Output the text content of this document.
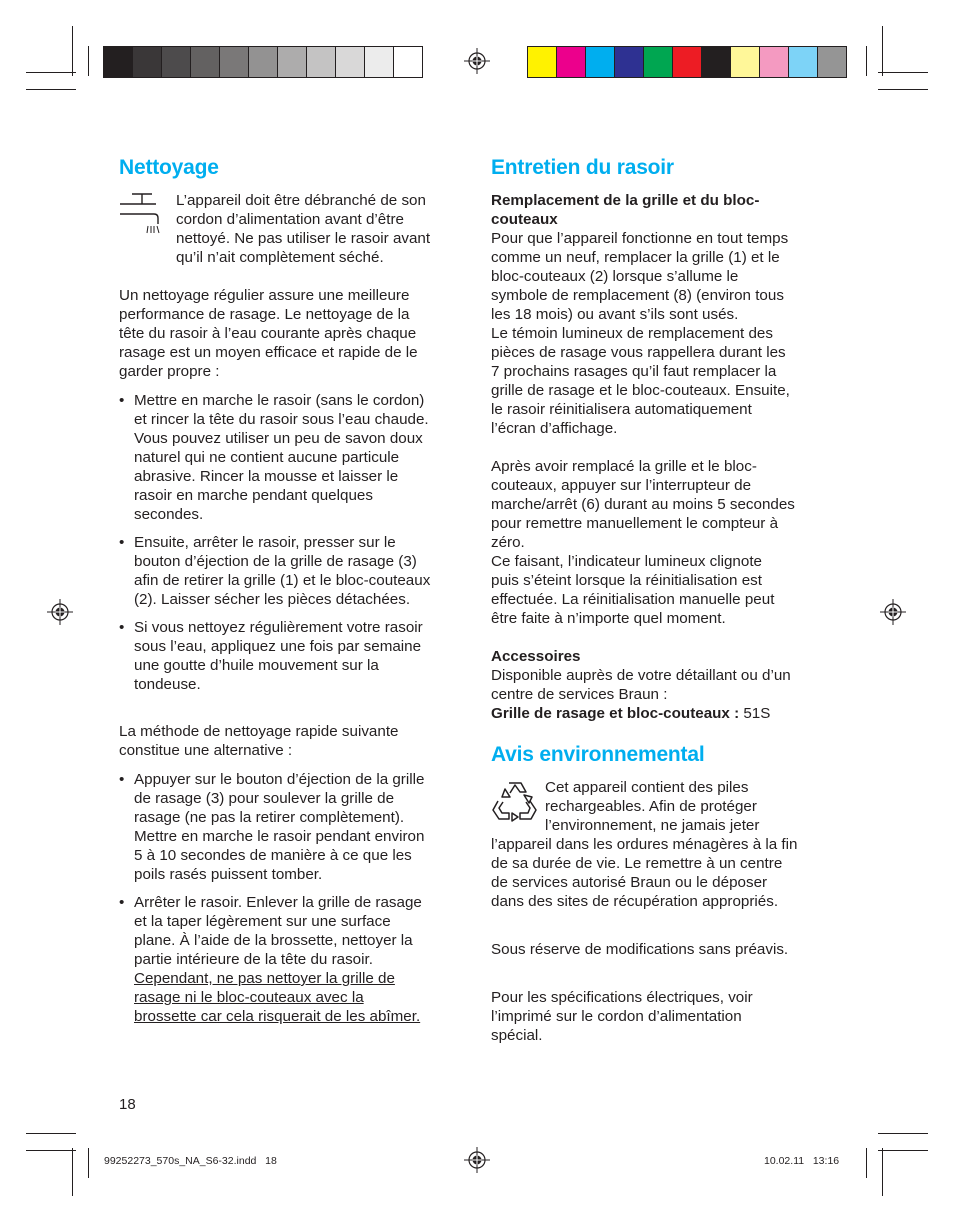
Nettoyage
L’appareil doit être débranché de son
cordon d’alimentation avant d’être
nettoyé. Ne pas utiliser le rasoir avant
qu’il n’ait complètement séché.

Un nettoyage régulier assure une meilleure
performance de rasage. Le nettoyage de la
tête du rasoir à l’eau courante après chaque
rasage est un moyen efficace et rapide de le
garder propre :

• Mettre en marche le rasoir (sans le cordon)
et rincer la tête du rasoir sous l’eau chaude.
Vous pouvez utiliser un peu de savon doux
naturel qui ne contient aucune particule
abrasive. Rincer la mousse et laisser le
rasoir en marche pendant quelques
secondes.
• Ensuite, arrêter le rasoir, presser sur le
bouton d’éjection de la grille de rasage (3)
afin de retirer la grille (1) et le bloc-couteaux
(2). Laisser sécher les pièces détachées.
• Si vous nettoyez régulièrement votre rasoir
sous l’eau, appliquez une fois par semaine
une goutte d’huile mouvement sur la
tondeuse.

La méthode de nettoyage rapide suivante
constitue une alternative :

• Appuyer sur le bouton d’éjection de la grille
de rasage (3) pour soulever la grille de
rasage (ne pas la retirer complètement).
Mettre en marche le rasoir pendant environ
5 à 10 secondes de manière à ce que les
poils rasés puissent tomber.
• Arrêter le rasoir. Enlever la grille de rasage
et la taper légèrement sur une surface
plane. À l’aide de la brossette, nettoyer la
partie intérieure de la tête du rasoir.
Cependant, ne pas nettoyer la grille de
rasage ni le bloc-couteaux avec la
brossette car cela risquerait de les abîmer.
Entretien du rasoir

Remplacement de la grille et du bloc-
couteaux

Pour que l’appareil fonctionne en tout temps
comme un neuf, remplacer la grille (1) et le
bloc-couteaux (2) lorsque s’allume le
symbole de remplacement (8) (environ tous
les 18 mois) ou avant s’ils sont usés.
Le témoin lumineux de remplacement des
pièces de rasage vous rappellera durant les
7 prochains rasages qu’il faut remplacer la
grille de rasage et le bloc-couteaux. Ensuite,
le rasoir réinitialisera automatiquement
l’écran d’affichage.

Après avoir remplacé la grille et le bloc-
couteaux, appuyer sur l’interrupteur de
marche/arrêt (6) durant au moins 5 secondes
pour remettre manuellement le compteur à
zéro.
Ce faisant, l’indicateur lumineux clignote
puis s’éteint lorsque la réinitialisation est
effectuée. La réinitialisation manuelle peut
être faite à n’importe quel moment.

Accessoires

Disponible auprès de votre détaillant ou d’un
centre de services Braun :

Grille de rasage et bloc-couteaux : 51S

Avis environnemental
Cet appareil contient des piles
rechargeables. Afin de protéger
l’environnement, ne jamais jeter

l’appareil dans les ordures ménagères à la fin
de sa durée de vie. Le remettre à un centre
de services autorisé Braun ou le déposer
dans des sites de récupération appropriés.

Sous réserve de modifications sans préavis.

Pour les spécifications électriques, voir
l’imprimé sur le cordon d’alimentation
spécial.

18
99252273_570s_NA_S6-32.indd   18	10.02.11   13:16
